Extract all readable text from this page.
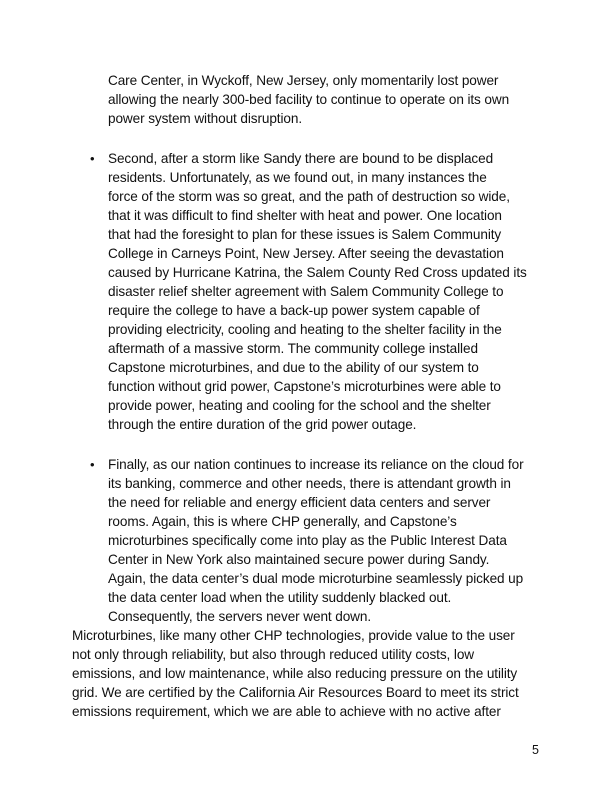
Care Center, in Wyckoff, New Jersey, only momentarily lost power
allowing the nearly 300-bed facility to continue to operate on its own
power system without disruption.
• Second, after a storm like Sandy there are bound to be displaced
residents. Unfortunately, as we found out, in many instances the
force of the storm was so great, and the path of destruction so wide,
that it was difficult to find shelter with heat and power. One location
that had the foresight to plan for these issues is Salem Community
College in Carneys Point, New Jersey. After seeing the devastation
caused by Hurricane Katrina, the Salem County Red Cross updated its
disaster relief shelter agreement with Salem Community College to
require the college to have a back-up power system capable of
providing electricity, cooling and heating to the shelter facility in the
aftermath of a massive storm. The community college installed
Capstone microturbines, and due to the ability of our system to
function without grid power, Capstone’s microturbines were able to
provide power, heating and cooling for the school and the shelter
through the entire duration of the grid power outage.
• Finally, as our nation continues to increase its reliance on the cloud for
its banking, commerce and other needs, there is attendant growth in
the need for reliable and energy efficient data centers and server
rooms. Again, this is where CHP generally, and Capstone’s
microturbines specifically come into play as the Public Interest Data
Center in New York also maintained secure power during Sandy.
Again, the data center’s dual mode microturbine seamlessly picked up
the data center load when the utility suddenly blacked out.
Consequently, the servers never went down.
Microturbines, like many other CHP technologies, provide value to the user
not only through reliability, but also through reduced utility costs, low
emissions, and low maintenance, while also reducing pressure on the utility
grid. We are certified by the California Air Resources Board to meet its strict
emissions requirement, which we are able to achieve with no active after
5
